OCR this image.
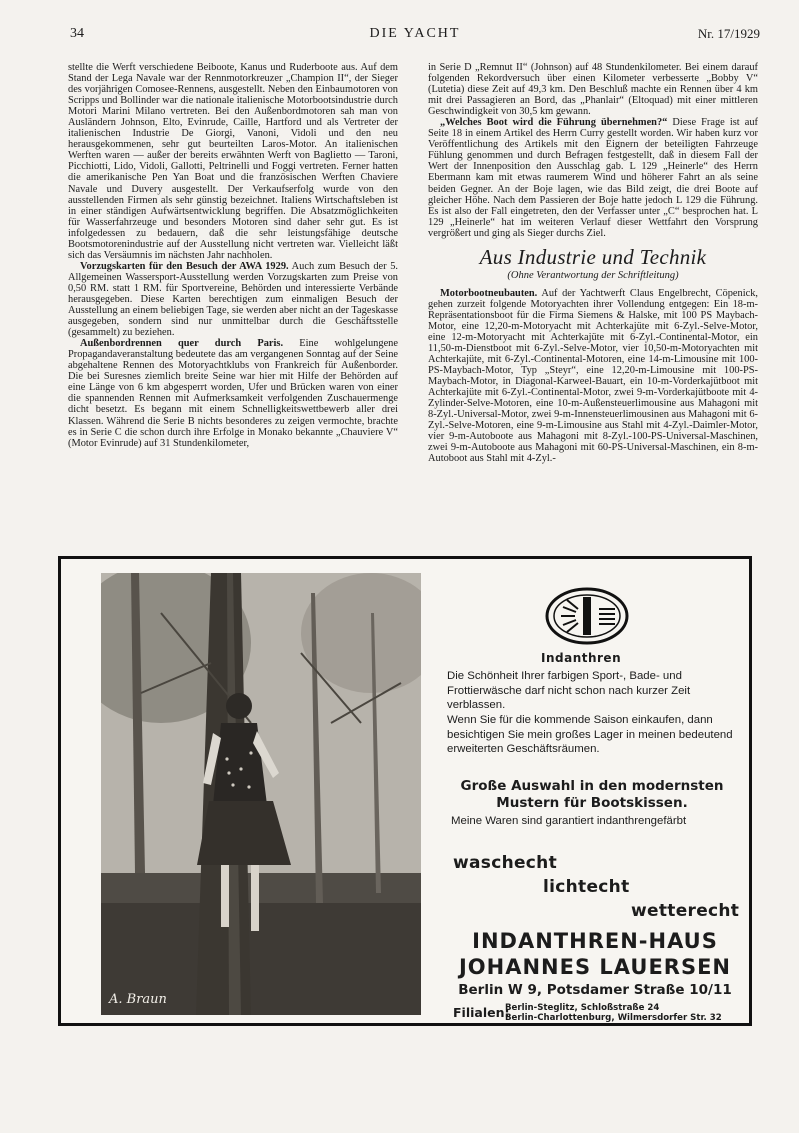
34	DIE YACHT	Nr. 17/1929

stellte die Werft verschiedene Beiboote, Kanus und Ruderboote aus. Auf dem Stand der Lega Navale war der Rennmotorkreuzer „Champion II“, der Sieger des vorjährigen Comosee-Rennens, ausgestellt. Neben den Einbaumotoren von Scripps und Bollinder war die nationale italienische Motorbootsindustrie durch Motori Marini Milano vertreten. Bei den Außenbordmotoren sah man von Ausländern Johnson, Elto, Evinrude, Caille, Hartford und als Vertreter der italienischen Industrie De Giorgi, Vanoni, Vidoli und den neu herausgekommenen, sehr gut beurteilten Laros-Motor. An italienischen Werften waren — außer der bereits erwähnten Werft von Baglietto — Taroni, Picchiotti, Lido, Vidoli, Gallotti, Peltrinelli und Foggi vertreten. Ferner hatten die amerikanische Pen Yan Boat und die französischen Werften Chaviere Navale und Duvery ausgestellt. Der Verkaufserfolg wurde von den ausstellenden Firmen als sehr günstig bezeichnet. Italiens Wirtschaftsleben ist in einer ständigen Aufwärtsentwicklung begriffen. Die Absatzmöglichkeiten für Wasserfahrzeuge und besonders Motoren sind daher sehr gut. Es ist infolgedessen zu bedauern, daß die sehr leistungsfähige deutsche Bootsmotorenindustrie auf der Ausstellung nicht vertreten war. Vielleicht läßt sich das Versäumnis im nächsten Jahr nachholen.

Vorzugskarten für den Besuch der AWA 1929. Auch zum Besuch der 5. Allgemeinen Wassersport-Ausstellung werden Vorzugskarten zum Preise von 0,50 RM. statt 1 RM. für Sportvereine, Behörden und interessierte Verbände herausgegeben. Diese Karten berechtigen zum einmaligen Besuch der Ausstellung an einem beliebigen Tage, sie werden aber nicht an der Tageskasse ausgegeben, sondern sind nur unmittelbar durch die Geschäftsstelle (gesammelt) zu beziehen.

Außenbordrennen quer durch Paris. Eine wohlgelungene Propagandaveranstaltung bedeutete das am vergangenen Sonntag auf der Seine abgehaltene Rennen des Motoryachtklubs von Frankreich für Außenborder. Die bei Suresnes ziemlich breite Seine war hier mit Hilfe der Behörden auf eine Länge von 6 km abgesperrt worden, Ufer und Brücken waren von einer die spannenden Rennen mit Aufmerksamkeit verfolgenden Zuschauermenge dicht besetzt. Es begann mit einem Schnelligkeitswettbewerb aller drei Klassen. Während die Serie B nichts besonderes zu zeigen vermochte, brachte es in Serie C die schon durch ihre Erfolge in Monako bekannte „Chauviere V“ (Motor Evinrude) auf 31 Stundenkilometer,

in Serie D „Remnut II“ (Johnson) auf 48 Stundenkilometer. Bei einem darauf folgenden Rekordversuch über einen Kilometer verbesserte „Bobby V“ (Lutetia) diese Zeit auf 49,3 km. Den Beschluß machte ein Rennen über 4 km mit drei Passagieren an Bord, das „Phanlair“ (Eltoquad) mit einer mittleren Geschwindigkeit von 30,5 km gewann.

„Welches Boot wird die Führung übernehmen?“ Diese Frage ist auf Seite 18 in einem Artikel des Herrn Curry gestellt worden. Wir haben kurz vor Veröffentlichung des Artikels mit den Eignern der beteiligten Fahrzeuge Fühlung genommen und durch Befragen festgestellt, daß in diesem Fall der Wert der Innenposition den Ausschlag gab. L 129 „Heinerle“ des Herrn Ebermann kam mit etwas raumerem Wind und höherer Fahrt an als seine beiden Gegner. An der Boje lagen, wie das Bild zeigt, die drei Boote auf gleicher Höhe. Nach dem Passieren der Boje hatte jedoch L 129 die Führung. Es ist also der Fall eingetreten, den der Verfasser unter „C“ besprochen hat. L 129 „Heinerle“ hat im weiteren Verlauf dieser Wettfahrt den Vorsprung vergrößert und ging als Sieger durchs Ziel.

Aus Industrie und Technik
(Ohne Verantwortung der Schriftleitung)

Motorbootneubauten. Auf der Yachtwerft Claus Engelbrecht, Cöpenick, gehen zurzeit folgende Motoryachten ihrer Vollendung entgegen: Ein 18-m-Repräsentationsboot für die Firma Siemens & Halske, mit 100 PS Maybach-Motor, eine 12,20-m-Motoryacht mit Achterkajüte mit 6-Zyl.-Selve-Motor, eine 12-m-Motoryacht mit Achterkajüte mit 6-Zyl.-Continental-Motor, ein 11,50-m-Dienstboot mit 6-Zyl.-Selve-Motor, vier 10,50-m-Motoryachten mit Achterkajüte, mit 6-Zyl.-Continental-Motoren, eine 14-m-Limousine mit 100-PS-Maybach-Motor, Typ „Steyr“, eine 12,20-m-Limousine mit 100-PS-Maybach-Motor, in Diagonal-Karweel-Bauart, ein 10-m-Vorderkajütboot mit Achterkajüte mit 6-Zyl.-Continental-Motor, zwei 9-m-Vorderkajütboote mit 4-Zylinder-Selve-Motoren, eine 10-m-Außensteuerlimousine aus Mahagoni mit 8-Zyl.-Universal-Motor, zwei 9-m-Innensteuerlimousinen aus Mahagoni mit 6-Zyl.-Selve-Motoren, eine 9-m-Limousine aus Stahl mit 4-Zyl.-Daimler-Motor, vier 9-m-Autoboote aus Mahagoni mit 8-Zyl.-100-PS-Universal-Maschinen, zwei 9-m-Autoboote aus Mahagoni mit 60-PS-Universal-Maschinen, ein 8-m-Autoboot aus Stahl mit 4-Zyl.-

A. Braun
Indanthren

Die Schönheit Ihrer farbigen Sport-, Bade- und Frottierwäsche darf nicht schon nach kurzer Zeit verblassen.

Wenn Sie für die kommende Saison einkaufen, dann besichtigen Sie mein großes Lager in meinen bedeutend erweiterten Geschäftsräumen.

Große Auswahl in den modernsten
Mustern für Bootskissen.
Meine Waren sind garantiert indanthrengefärbt
waschecht
lichtecht
wetterecht
INDANTHREN-HAUS
JOHANNES LAUERSEN
Berlin W 9, Potsdamer Straße 10/11
Filialen:
Berlin-Steglitz, Schloßstraße 24
Berlin-Charlottenburg, Wilmersdorfer Str. 32
